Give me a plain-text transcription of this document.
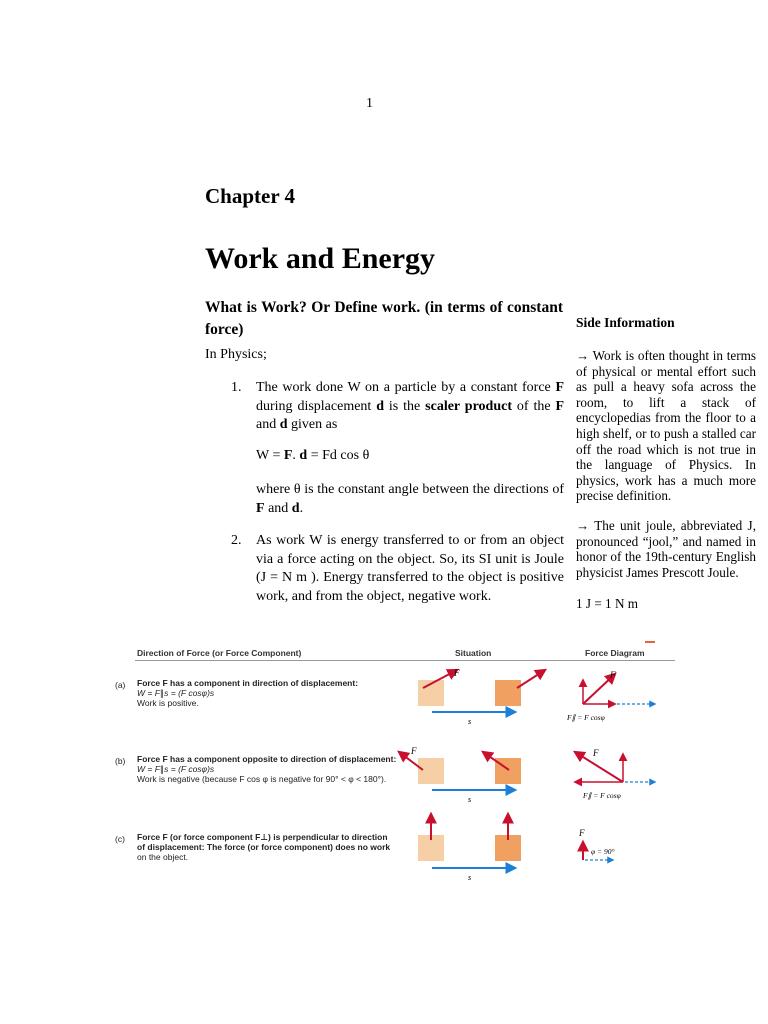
1
Chapter 4
Work and Energy
What is Work? Or Define work. (in terms of constant force)
In Physics;
1. The work done W on a particle by a constant force F during displacement d is the scaler product of the F and d given as
W = F. d = Fd cos θ
where θ is the constant angle between the directions of F and d.
2. As work W is energy transferred to or from an object via a force acting on the object. So, its SI unit is Joule (J = N m ). Energy transferred to the object is positive work, and from the object, negative work.
Side Information
→ Work is often thought in terms of physical or mental effort such as pull a heavy sofa across the room, to lift a stack of encyclopedias from the floor to a high shelf, or to push a stalled car off the road which is not true in the language of Physics. In physics, work has a much more precise definition.
→ The unit joule, abbreviated J, pronounced “jool,” and named in honor of the 19th-century English physicist James Prescott Joule.
1 J = 1 N m
Direction of Force (or Force Component)	Situation	Force Diagram
(a) Force F has a component in direction of displacement:
W = F∥s = (F cosφ)s
Work is positive.
(b) Force F has a component opposite to direction of displacement:
W = F∥s = (F cosφ)s
Work is negative (because F cos φ is negative for 90° < φ < 180°).
(c) Force F (or force component F⊥) is perpendicular to direction
of displacement: The force (or force component) does no work
on the object.
s
F
F∥ = F cosφ
F
s
F
F∥ = F cosφ
F
s
φ = 90°
F
